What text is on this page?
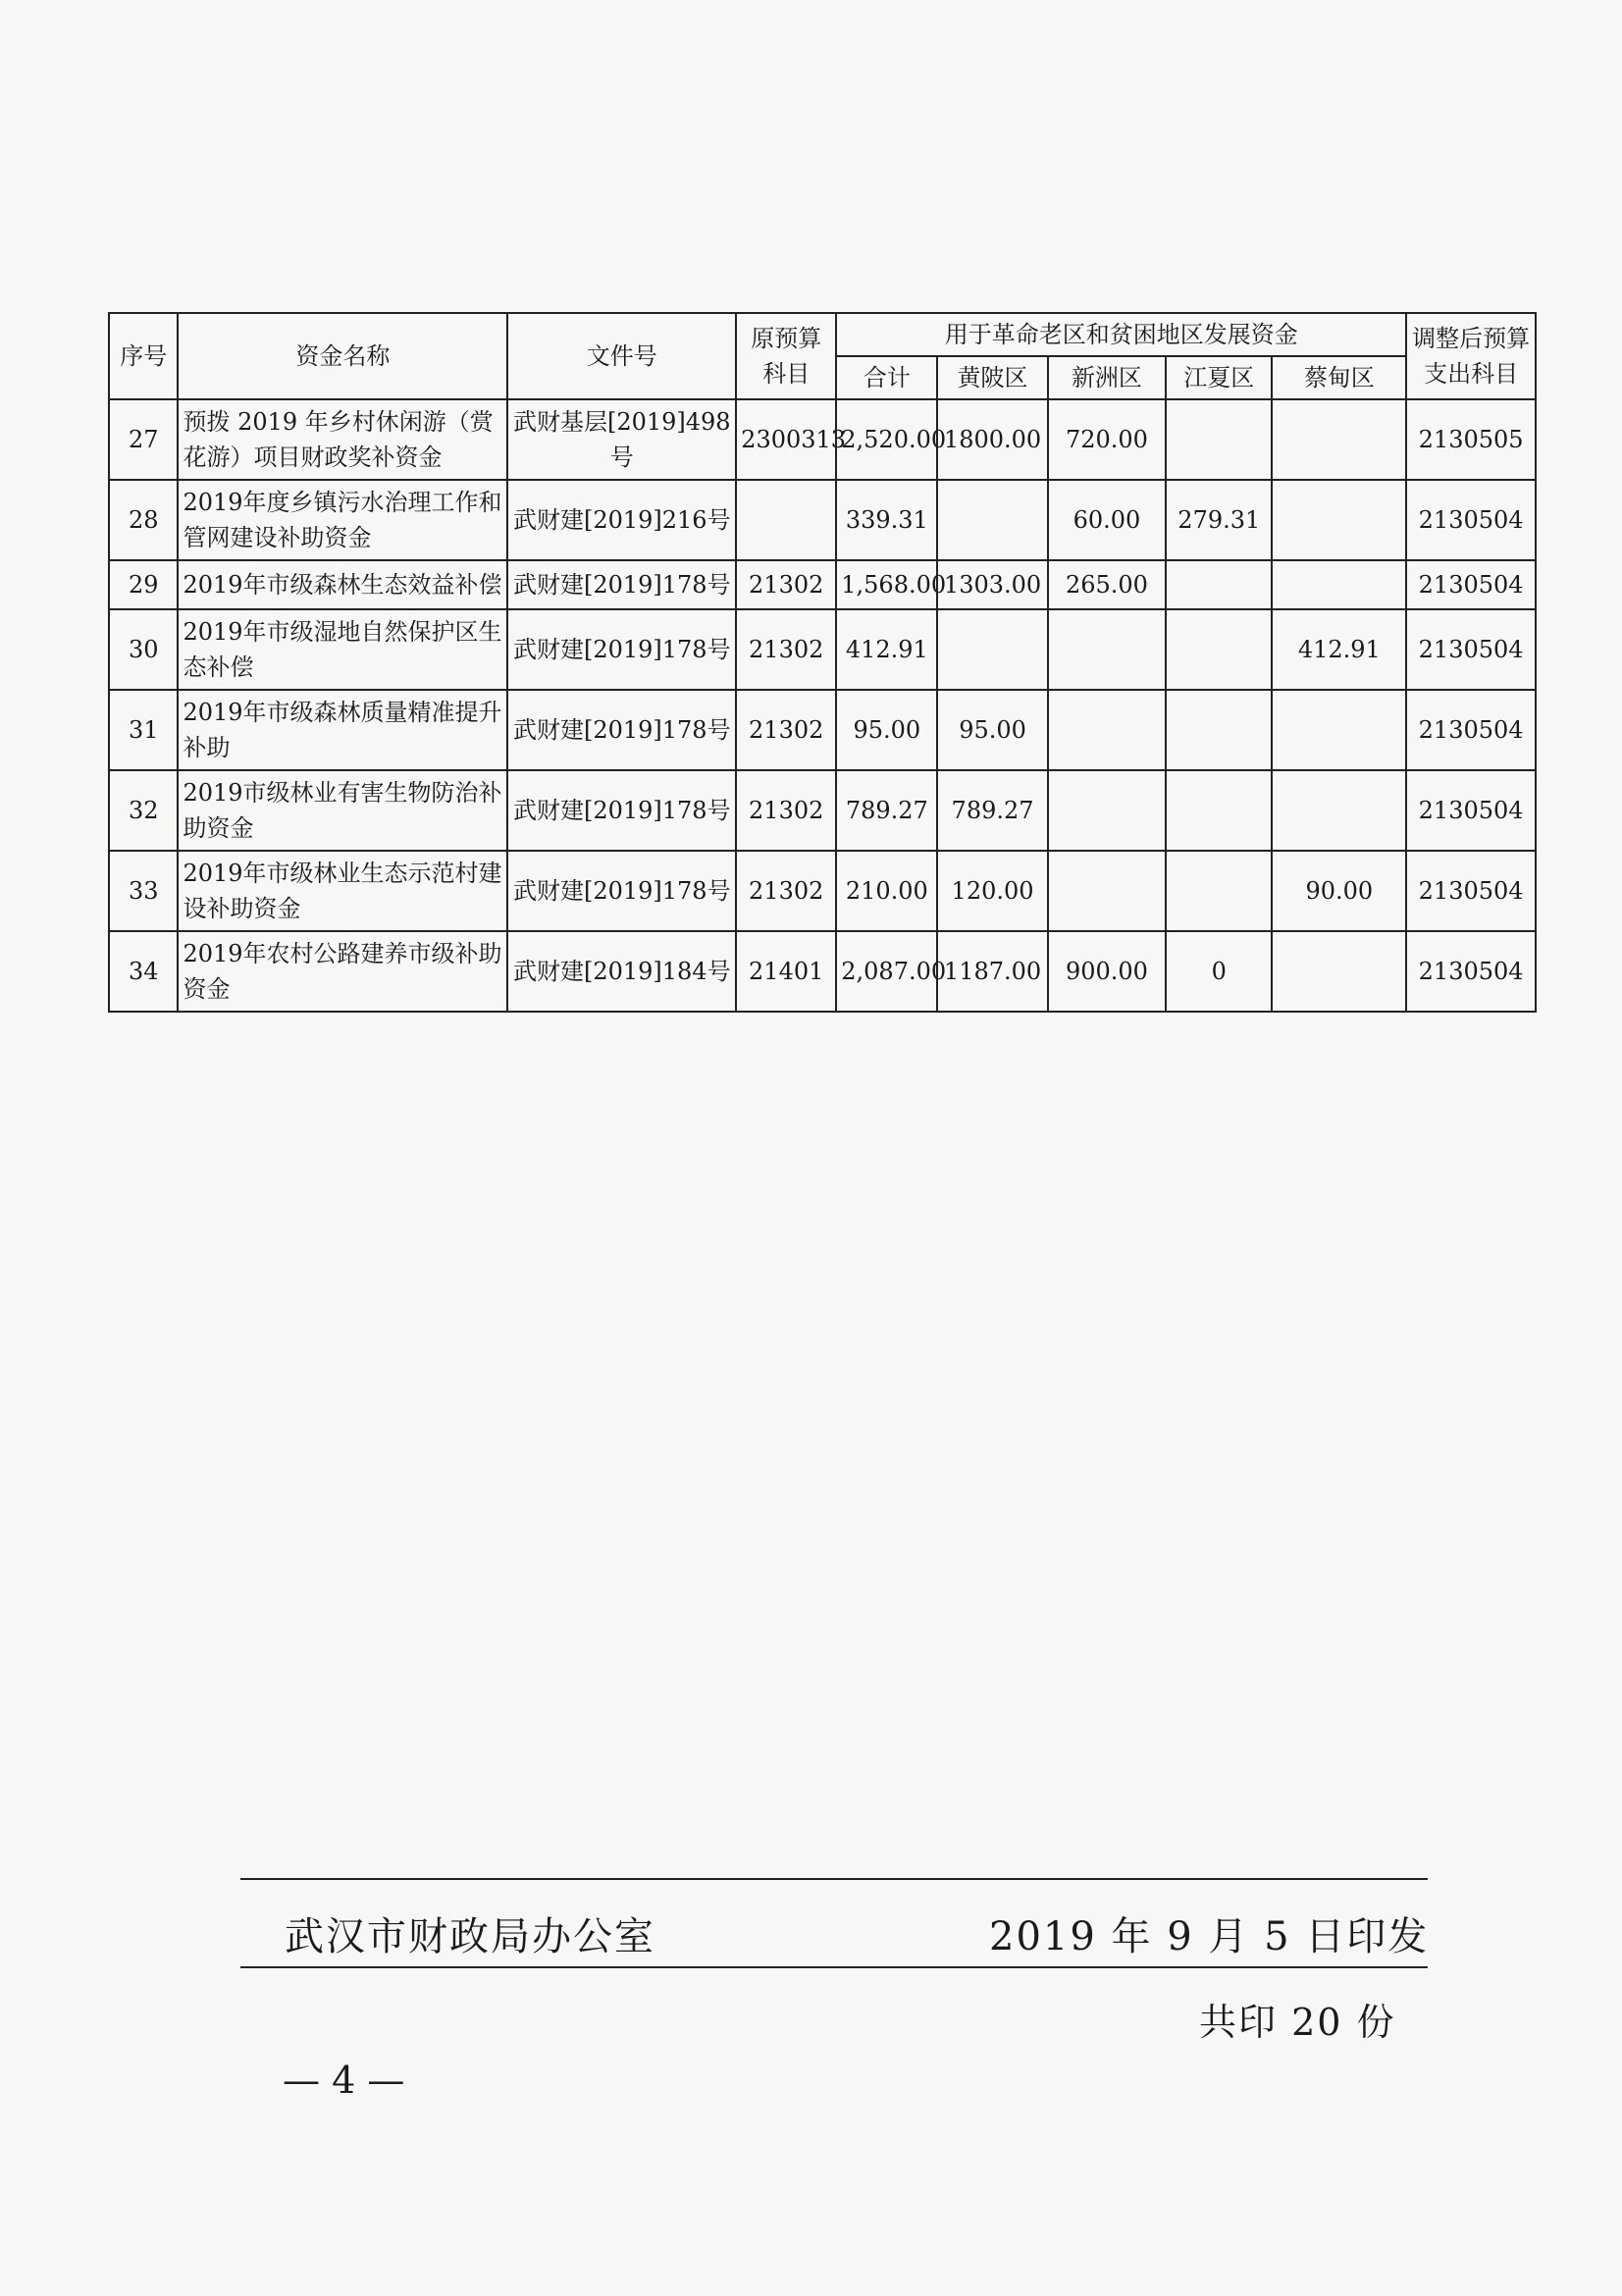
序号	资金名称	文件号	原预算科目	用于革命老区和贫困地区发展资金					调整后预算支出科目
				合计	黄陂区	新洲区	江夏区	蔡甸区	
27	预拨 2019 年乡村休闲游（赏花游）项目财政奖补资金	武财基层[2019]498号	2300313	2,520.00	1800.00	720.00			2130505
28	2019年度乡镇污水治理工作和管网建设补助资金	武财建[2019]216号		339.31		60.00	279.31		2130504
29	2019年市级森林生态效益补偿	武财建[2019]178号	21302	1,568.00	1303.00	265.00			2130504
30	2019年市级湿地自然保护区生态补偿	武财建[2019]178号	21302	412.91				412.91	2130504
31	2019年市级森林质量精准提升补助	武财建[2019]178号	21302	95.00	95.00				2130504
32	2019市级林业有害生物防治补助资金	武财建[2019]178号	21302	789.27	789.27				2130504
33	2019年市级林业生态示范村建设补助资金	武财建[2019]178号	21302	210.00	120.00			90.00	2130504
34	2019年农村公路建养市级补助资金	武财建[2019]184号	21401	2,087.00	1187.00	900.00	0		2130504
武汉市财政局办公室	2019 年 9 月 5 日印发
共印 20 份
— 4 —
